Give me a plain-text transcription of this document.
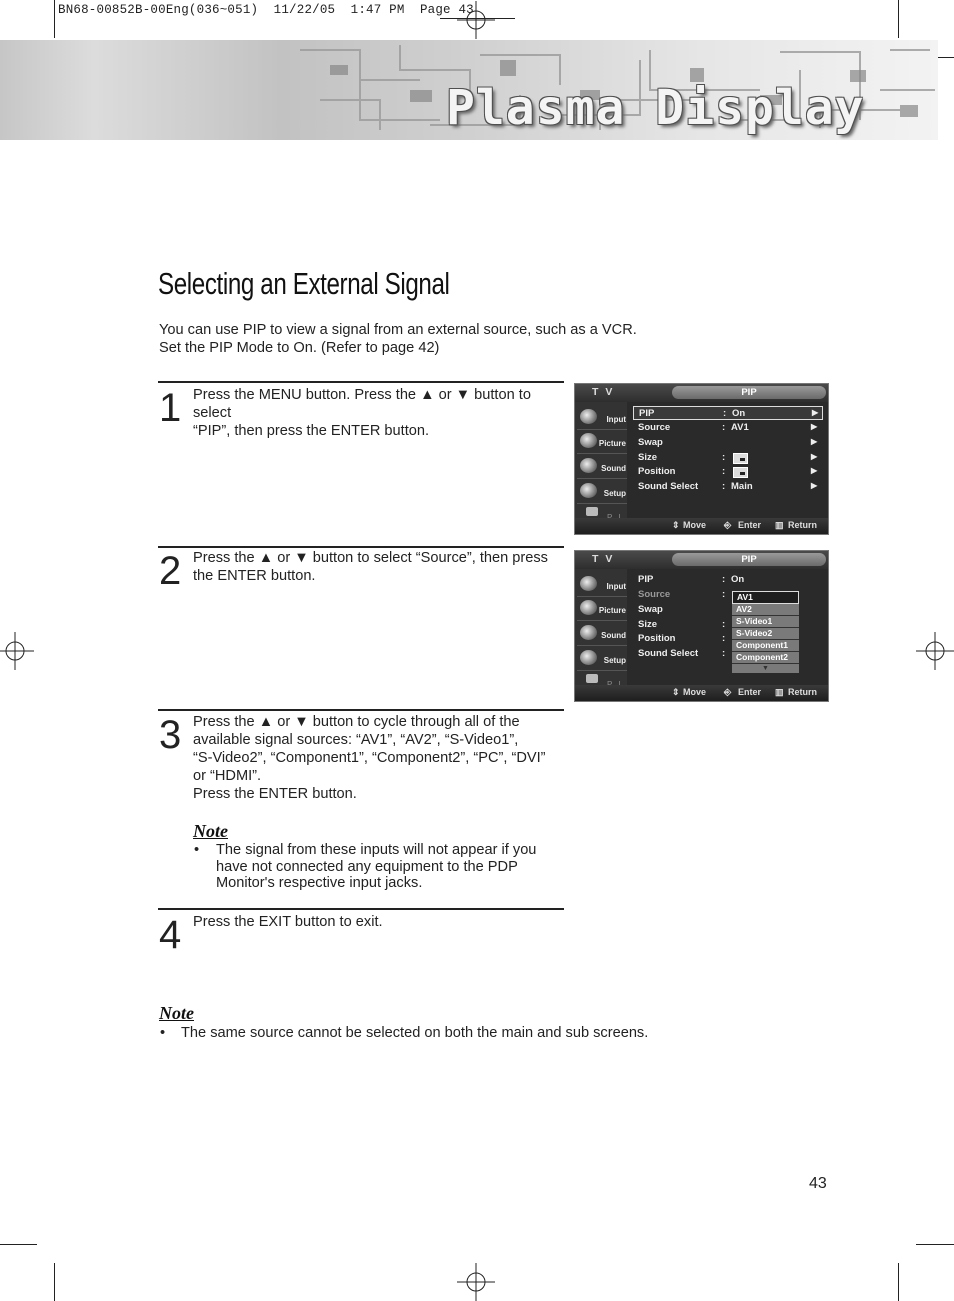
BN68-00852B-00Eng(036~051)  11/22/05  1:47 PM  Page 43
Plasma Display
Selecting an External Signal
You can use PIP to view a signal from an external source, such as a VCR.
Set the PIP Mode to On. (Refer to page 42)
1 Press the MENU button. Press the ▲ or ▼ button to select
“PIP”, then press the ENTER button.
2 Press the ▲ or ▼ button to select “Source”, then press
the ENTER button.
3 Press the ▲ or ▼ button to cycle through all of the
available signal sources: “AV1”, “AV2”, “S-Video1”,
“S-Video2”, “Component1”, “Component2”, “PC”, “DVI”
or “HDMI”.
Press the ENTER button.
Note
• The signal from these inputs will not appear if you
have not connected any equipment to the PDP
Monitor's respective input jacks.
4 Press the EXIT button to exit.
Note
• The same source cannot be selected on both the main and sub screens.
T V	PIP
Input
Picture
Sound
Setup
PIP	: On	▶
Source	: AV1	▶
Swap	▶
Size	:	▶
Position	:	▶
Sound Select	: Main	▶
⇕ Move ⎆ Enter ▥ Return
T V	PIP
Input
Picture
Sound
Setup
PIP	: On
Source	:
Swap
Size	:
Position	:
Sound Select	:
AV1
AV2
S-Video1
S-Video2
Component1
Component2
▼
⇕ Move ⎆ Enter ▥ Return
43
